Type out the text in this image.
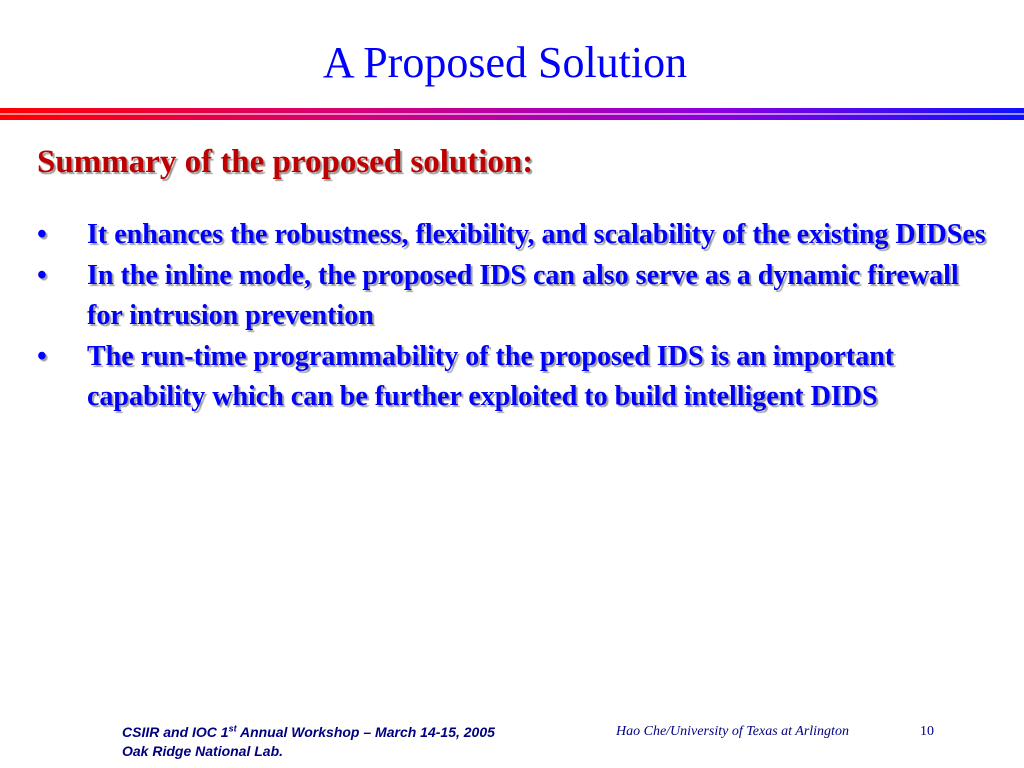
A Proposed Solution
Summary of the proposed solution:
•	It enhances the robustness, flexibility, and scalability of the existing DIDSes
•	In the inline mode, the proposed IDS can also serve as a dynamic firewall for intrusion prevention
•	The run-time programmability of the proposed IDS is an important capability which can be further exploited to build intelligent DIDS
CSIIR and IOC 1st Annual Workshop – March 14-15, 2005
Oak Ridge National Lab.
Hao Che/University of Texas at Arlington	10
